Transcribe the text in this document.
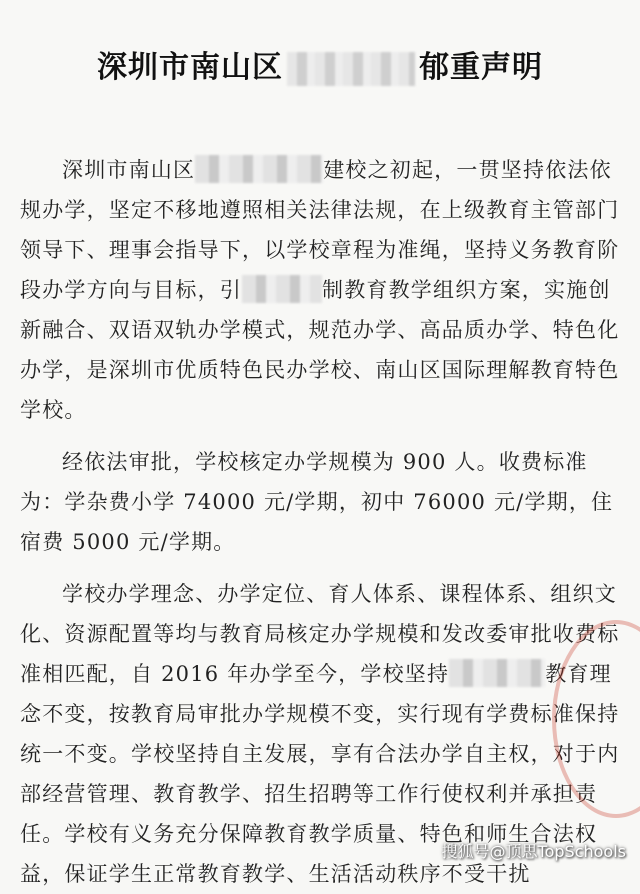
深圳市南山区	郁重声明

深圳市南山区	建校之初起，一贯坚持依法依规办学，坚定不移地遵照相关法律法规，在上级教育主管部门领导下、理事会指导下，以学校章程为准绳，坚持义务教育阶段办学方向与目标，引	制教育教学组织方案，实施创新融合、双语双轨办学模式，规范办学、高品质办学、特色化办学，是深圳市优质特色民办学校、南山区国际理解教育特色学校。

经依法审批，学校核定办学规模为 900 人。收费标准为：学杂费小学 74000 元/学期，初中 76000 元/学期，住宿费 5000 元/学期。

学校办学理念、办学定位、育人体系、课程体系、组织文化、资源配置等均与教育局核定办学规模和发改委审批收费标准相匹配，自 2016 年办学至今，学校坚持	教育理念不变，按教育局审批办学规模不变，实行现有学费标准保持统一不变。学校坚持自主发展，享有合法办学自主权，对于内部经营管理、教育教学、招生招聘等工作行使权利并承担责任。学校有义务充分保障教育教学质量、特色和师生合法权益，保证学生正常教育教学、生活活动秩序不受干扰

搜狐号@顶思TopSchools
